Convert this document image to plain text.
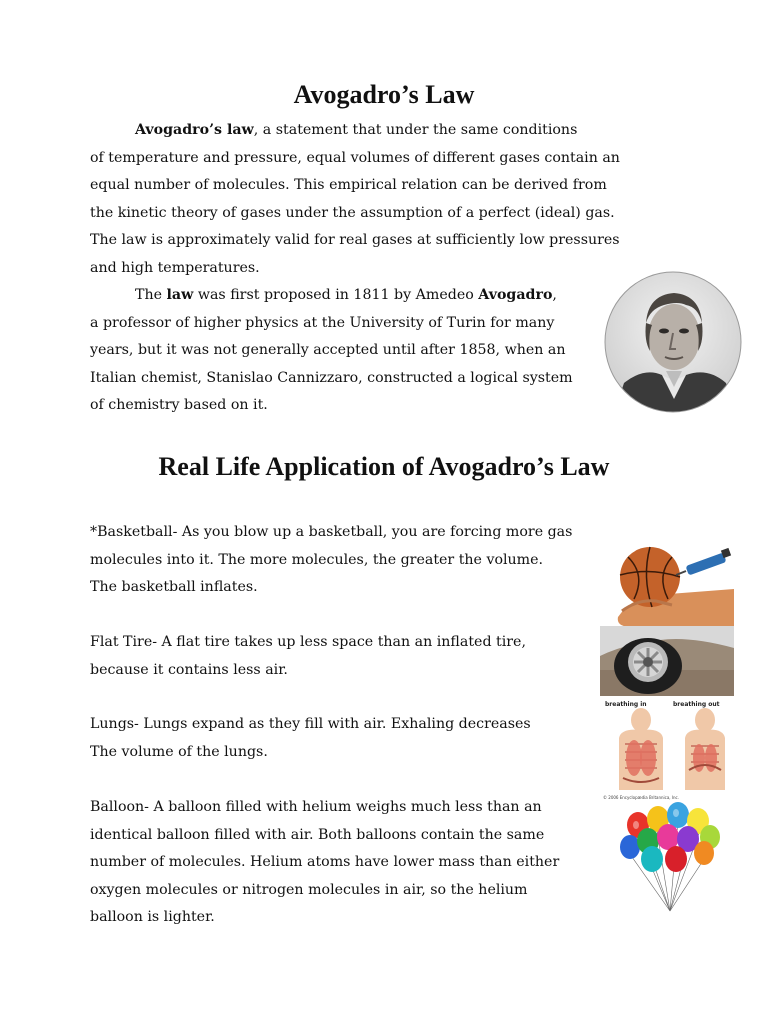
Avogadro’s Law
Avogadro’s law, a statement that under the same conditions
of temperature and pressure, equal volumes of different gases contain an
equal number of molecules. This empirical relation can be derived from
the kinetic theory of gases under the assumption of a perfect (ideal) gas.
The law is approximately valid for real gases at sufficiently low pressures
and high temperatures.
The law was first proposed in 1811 by Amedeo Avogadro,
a professor of higher physics at the University of Turin for many
years, but it was not generally accepted until after 1858, when an
Italian chemist, Stanislao Cannizzaro, constructed a logical system
of chemistry based on it.
Real Life Application of Avogadro’s Law
*Basketball- As you blow up a basketball, you are forcing more gas
molecules into it. The more molecules, the greater the volume.
The basketball inflates.
Flat Tire- A flat tire takes up less space than an inflated tire,
because it contains less air.
Lungs- Lungs expand as they fill with air. Exhaling decreases
The volume of the lungs.
Balloon- A balloon filled with helium weighs much less than an
identical balloon filled with air. Both balloons contain the same
number of molecules. Helium atoms have lower mass than either
oxygen molecules or nitrogen molecules in air, so the helium
balloon is lighter.
breathing in	breathing out
© 2006 Encyclopædia Britannica, Inc.
